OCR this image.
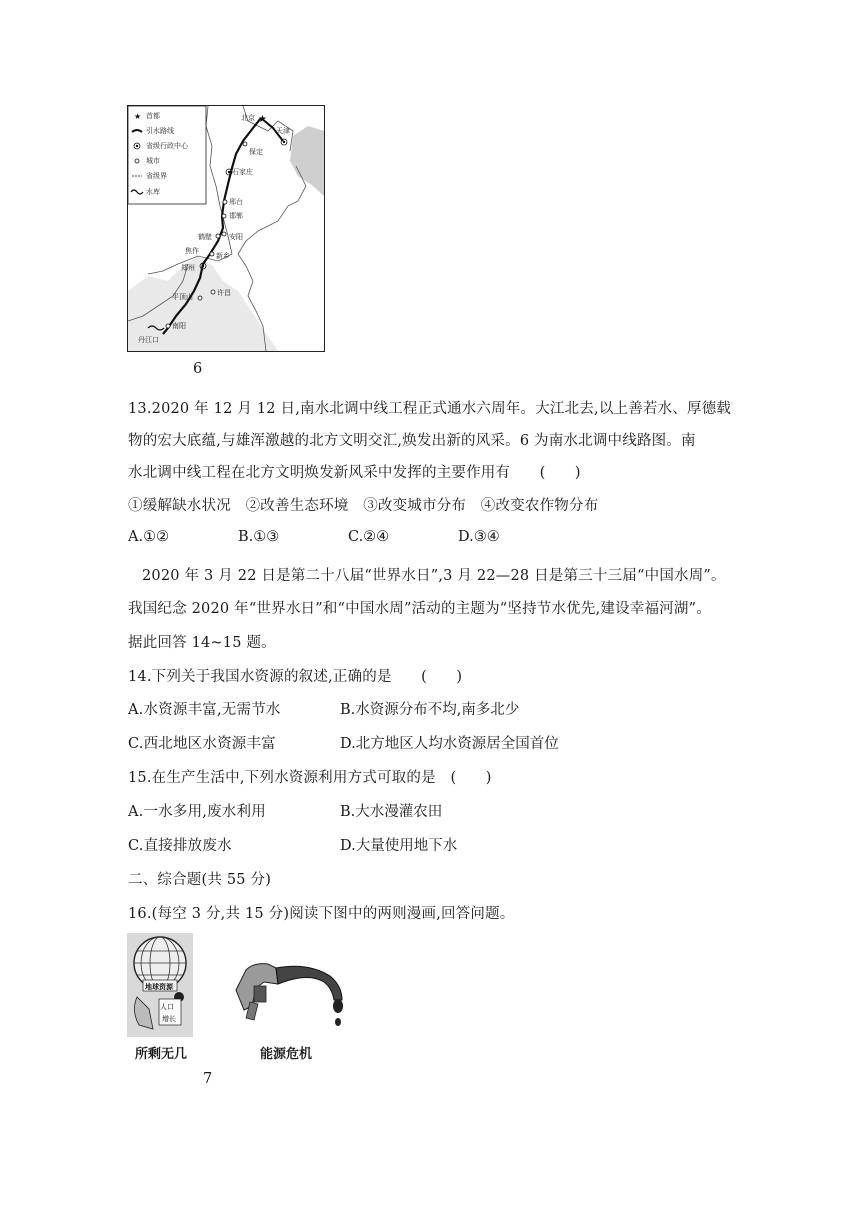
★ 首都
引水路线
省级行政中心
城市
省级界
水库
★
北京
天津
保定
石家庄
邢台
邯郸
安阳
鹤壁
焦作
新乡
郑州
许昌
平顶山
南阳
丹江口
6
13.2020 年 12 月 12 日,南水北调中线工程正式通水六周年。大江北去,以上善若水、厚德载
物的宏大底蕴,与雄浑激越的北方文明交汇,焕发出新的风采。6 为南水北调中线路图。南
水北调中线工程在北方文明焕发新风采中发挥的主要作用有　　(　　)
①缓解缺水状况　②改善生态环境　③改变城市分布　④改变农作物分布
A.①②	B.①③	C.②④	D.③④
2020 年 3 月 22 日是第二十八届“世界水日”,3 月 22—28 日是第三十三届“中国水周”。
我国纪念 2020 年“世界水日”和“中国水周”活动的主题为“坚持节水优先,建设幸福河湖”。
据此回答 14~15 题。
14.下列关于我国水资源的叙述,正确的是　　(　　)
A.水资源丰富,无需节水	B.水资源分布不均,南多北少
C.西北地区水资源丰富	D.北方地区人均水资源居全国首位
15.在生产生活中,下列水资源利用方式可取的是　(　　)
A.一水多用,废水利用	B.大水漫灌农田
C.直接排放废水	D.大量使用地下水
二、综合题(共 55 分)
16.(每空 3 分,共 15 分)阅读下图中的两则漫画,回答问题。
地球资源
人口
增长
所剩无几	能源危机
7
